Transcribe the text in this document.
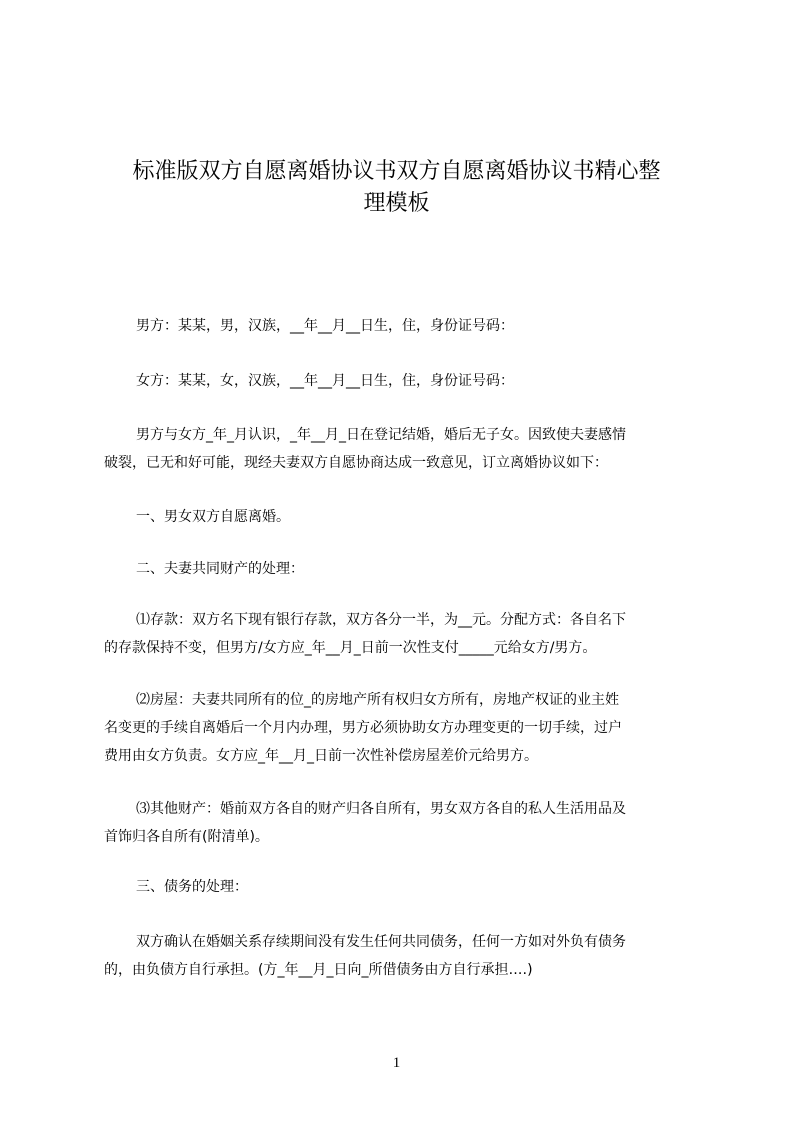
标准版双方自愿离婚协议书双方自愿离婚协议书精心整
理模板
男方：某某，男，汉族，__年__月__日生，住，身份证号码：
女方：某某，女，汉族，__年__月__日生，住，身份证号码：
男方与女方_年_月认识，_年__月_日在登记结婚，婚后无子女。因致使夫妻感情
破裂，已无和好可能，现经夫妻双方自愿协商达成一致意见，订立离婚协议如下：
一、男女双方自愿离婚。
二、夫妻共同财产的处理：
⑴存款：双方名下现有银行存款，双方各分一半，为__元。分配方式：各自名下
的存款保持不变，但男方/女方应_年__月_日前一次性支付_____元给女方/男方。
⑵房屋：夫妻共同所有的位_的房地产所有权归女方所有，房地产权证的业主姓
名变更的手续自离婚后一个月内办理，男方必须协助女方办理变更的一切手续，过户
费用由女方负责。女方应_年__月_日前一次性补偿房屋差价元给男方。
⑶其他财产：婚前双方各自的财产归各自所有，男女双方各自的私人生活用品及
首饰归各自所有(附清单)。
三、债务的处理：
双方确认在婚姻关系存续期间没有发生任何共同债务，任何一方如对外负有债务
的，由负债方自行承担。(方_年__月_日向_所借债务由方自行承担‥‥)
1
